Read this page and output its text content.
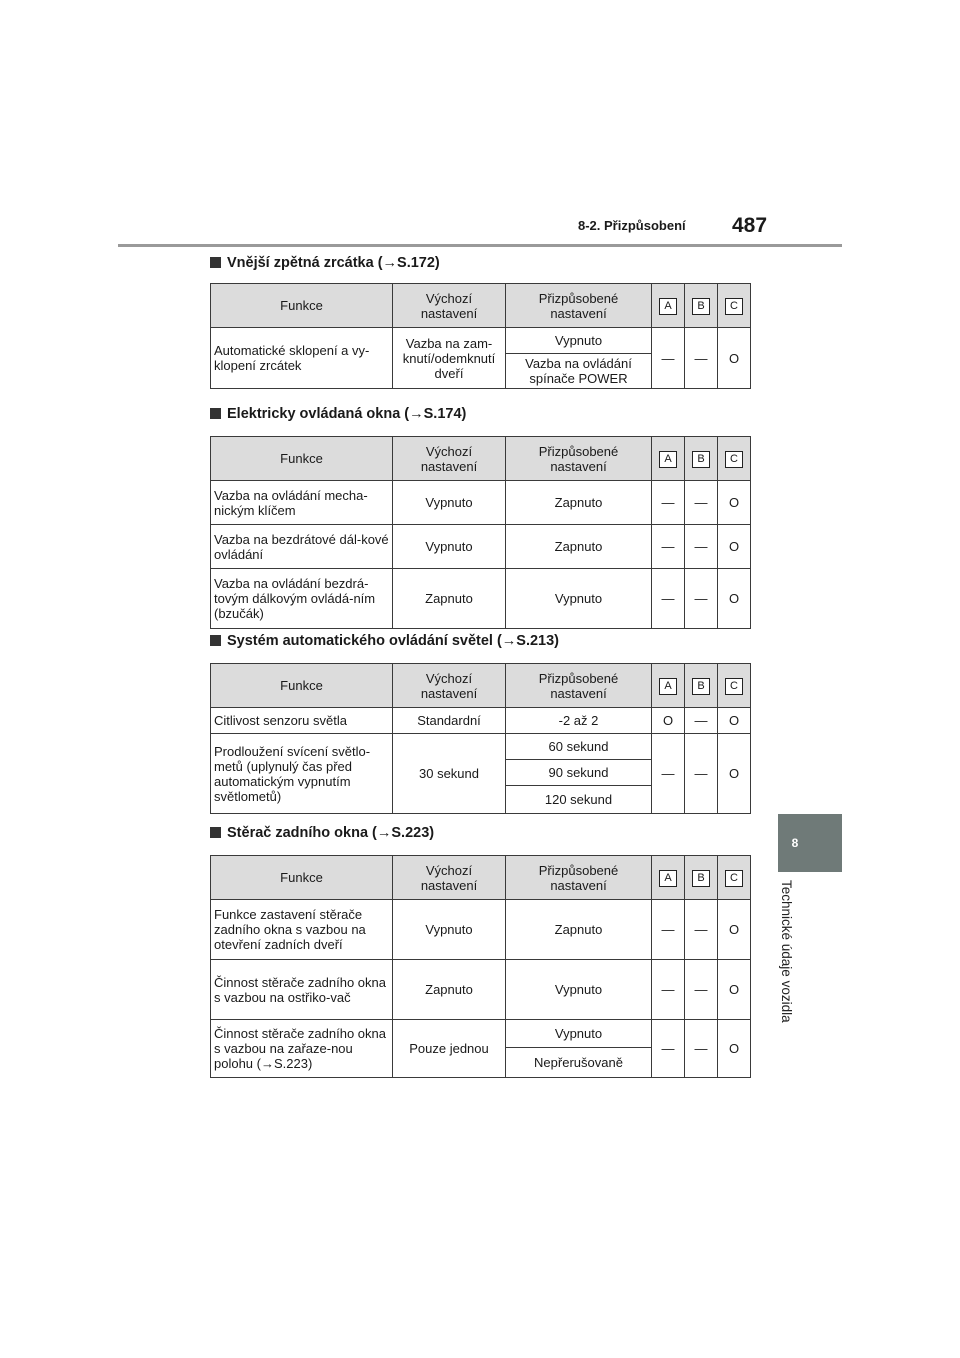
8-2. Přizpůsobení 487
8
Technické údaje vozidla
Vnější zpětná zrcátka (→S.172)
Funkce	Výchozí nastavení	Přizpůsobené nastavení	A	B	C
Automatické sklopení a vy-klopení zrcátek	Vazba na zam-knutí/odemknutí dveří	Vypnuto	—	—	O
		Vazba na ovládání spínače POWER			
Elektricky ovládaná okna (→S.174)
Funkce	Výchozí nastavení	Přizpůsobené nastavení	A	B	C
Vazba na ovládání mecha-nickým klíčem	Vypnuto	Zapnuto	—	—	O
Vazba na bezdrátové dál-kové ovládání	Vypnuto	Zapnuto	—	—	O
Vazba na ovládání bezdrá-tovým dálkovým ovládá-ním (bzučák)	Zapnuto	Vypnuto	—	—	O
Systém automatického ovládání světel (→S.213)
Funkce	Výchozí nastavení	Přizpůsobené nastavení	A	B	C
Citlivost senzoru světla	Standardní	-2 až 2	O	—	O
Prodloužení svícení světlo-metů (uplynulý čas před automatickým vypnutím světlometů)	30 sekund	60 sekund	—	—	O
		90 sekund			
		120 sekund			
Stěrač zadního okna (→S.223)
Funkce	Výchozí nastavení	Přizpůsobené nastavení	A	B	C
Funkce zastavení stěrače zadního okna s vazbou na otevření zadních dveří	Vypnuto	Zapnuto	—	—	O
Činnost stěrače zadního okna s vazbou na ostřiko-vač	Zapnuto	Vypnuto	—	—	O
Činnost stěrače zadního okna s vazbou na zařaze-nou polohu (→S.223)	Pouze jednou	Vypnuto	—	—	O
		Nepřerušovaně			
